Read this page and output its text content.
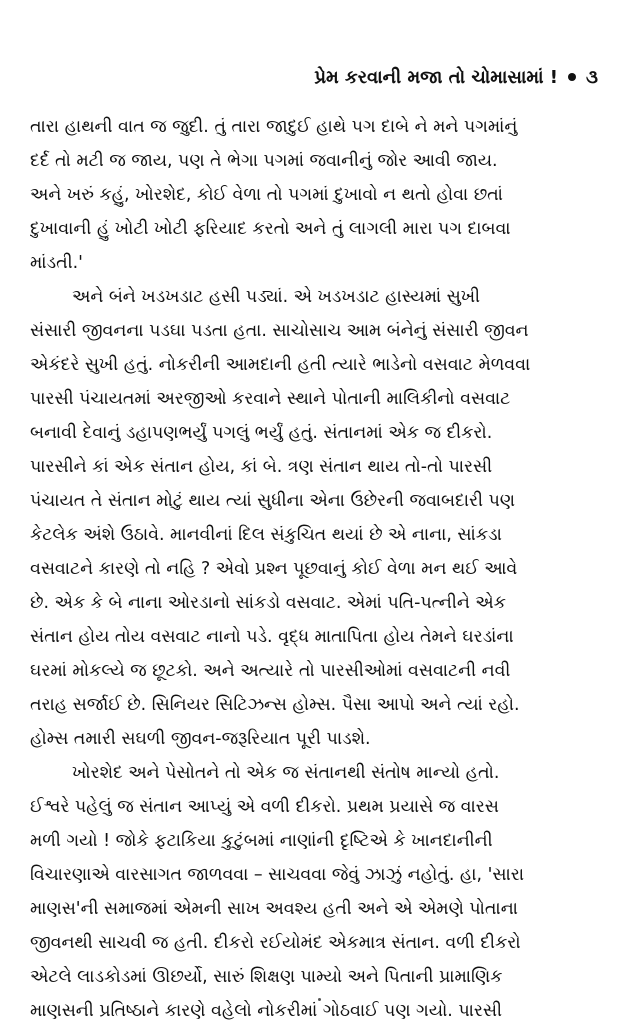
પ્રેમ કરવાની મજા તો ચોમાસામાં ! ૩
તારા હાથની વાત જ જુદી. તું તારા જાદુઈ હાથે પગ દાબે ને મને પગમાંનું
દર્દ તો મટી જ જાય, પણ તે ભેગા પગમાં જવાનીનું જોર આવી જાય.
અને ખરું કહું, ખોરશેદ, કોઈ વેળા તો પગમાં દુખાવો ન થતો હોવા છતાં
દુખાવાની હું ખોટી ખોટી ફરિયાદ કરતો અને તું લાગલી મારા પગ દાબવા
માંડતી.'
અને બંને ખડખડાટ હસી પડ્યાં. એ ખડખડાટ હાસ્યમાં સુખી
સંસારી જીવનના પડઘા પડતા હતા. સાચોસાચ આમ બંનેનું સંસારી જીવન
એકંદરે સુખી હતું. નોકરીની આમદાની હતી ત્યારે ભાડેનો વસવાટ મેળવવા
પારસી પંચાયતમાં અરજીઓ કરવાને સ્થાને પોતાની માલિકીનો વસવાટ
બનાવી દેવાનું ડહાપણભર્યું પગલું ભર્યું હતું. સંતાનમાં એક જ દીકરો.
પારસીને કાં એક સંતાન હોય, કાં બે. ત્રણ સંતાન થાય તો-તો પારસી
પંચાયત તે સંતાન મોટું થાય ત્યાં સુધીના એના ઉછેરની જવાબદારી પણ
કેટલેક અંશે ઉઠાવે. માનવીનાં દિલ સંકુચિત થયાં છે એ નાના, સાંકડા
વસવાટને કારણે તો નહિ ? એવો પ્રશ્ન પૂછવાનું કોઈ વેળા મન થઈ આવે
છે. એક કે બે નાના ઓરડાનો સાંકડો વસવાટ. એમાં પતિ-પત્નીને એક
સંતાન હોય તોય વસવાટ નાનો પડે. વૃદ્ધ માતાપિતા હોય તેમને ઘરડાંના
ઘરમાં મોકલ્યે જ છૂટકો. અને અત્યારે તો પારસીઓમાં વસવાટની નવી
તરાહ સર્જાઈ છે. સિનિયર સિટિઝન્સ હોમ્સ. પૈસા આપો અને ત્યાં રહો.
હોમ્સ તમારી સઘળી જીવન-જરૂરિયાત પૂરી પાડશે.
ખોરશેદ અને પેસોતને તો એક જ સંતાનથી સંતોષ માન્યો હતો.
ઈશ્વરે પહેલું જ સંતાન આપ્યું એ વળી દીકરો. પ્રથમ પ્રયાસે જ વારસ
મળી ગયો ! જોકે ફટાકિયા કુટુંબમાં નાણાંની દૃષ્ટિએ કે ખાનદાનીની
વિચારણાએ વારસાગત જાળવવા – સાચવવા જેવું ઝાઝું નહોતું. હા, 'સારા
માણસ'ની સમાજમાં એમની સાખ અવશ્ય હતી અને એ એમણે પોતાના
જીવનથી સાચવી જ હતી. દીકરો રઈયોમંદ એકમાત્ર સંતાન. વળી દીકરો
એટલે લાડકોડમાં ઊછર્યો, સારું શિક્ષણ પામ્યો અને પિતાની પ્રામાણિક
માણસની પ્રતિષ્ઠાને કારણે વહેલો નોકરીમાં ગોઠવાઈ પણ ગયો. પારસી
